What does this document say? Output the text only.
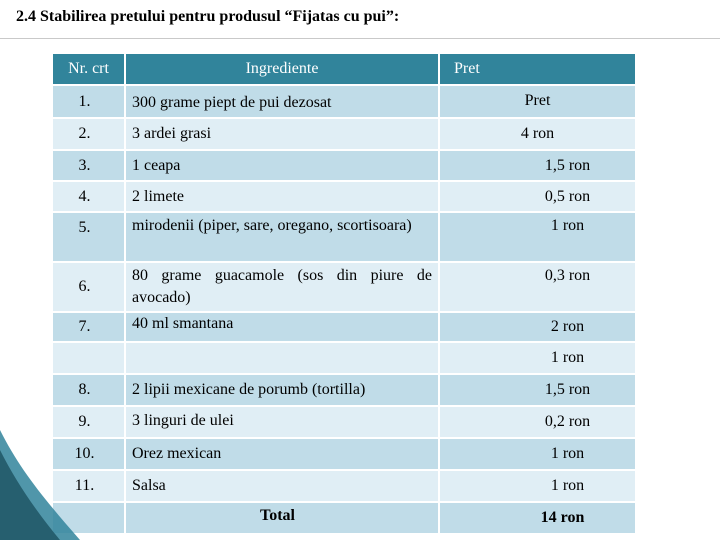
2.4 Stabilirea pretului pentru produsul “Fijatas cu pui”:
Nr. crt	Ingrediente	Pret
1.	300 grame piept de pui dezosat	Pret
2.	3 ardei grasi	4 ron
3.	1 ceapa	1,5 ron
4.	2 limete	0,5 ron
5.	mirodenii (piper, sare, oregano, scortisoara)	1 ron
6.	80 grame guacamole (sos din piure de avocado)	0,3 ron
7.	40 ml smantana	2 ron
		1 ron
8.	2 lipii mexicane de porumb (tortilla)	1,5 ron
9.	3 linguri de ulei	0,2 ron
10.	Orez mexican	1 ron
11.	Salsa	1 ron
	Total	14 ron
